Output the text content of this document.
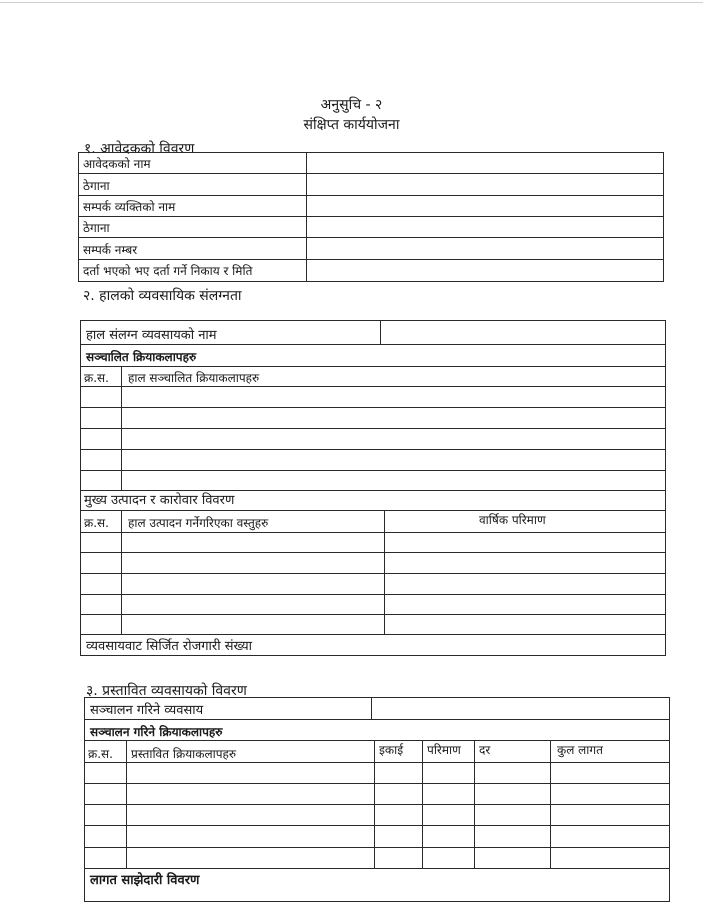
अनुसुचि - २
संक्षिप्त कार्ययोजना
१. आवेदकको विवरण
आवेदकको नाम
ठेगाना
सम्पर्क व्यक्तिको नाम
ठेगाना
सम्पर्क नम्बर
दर्ता भएको भए दर्ता गर्ने निकाय र मिति
२. हालको व्यवसायिक संलग्नता
हाल संलग्न व्यवसायको नाम
सञ्चालित क्रियाकलापहरु
क्र.स. हाल सञ्चालित क्रियाकलापहरु
मुख्य उत्पादन र कारोवार विवरण
क्र.स. हाल उत्पादन गर्नेगरिएका वस्तुहरु	वार्षिक परिमाण
व्यवसायवाट सिर्जित रोजगारी संख्या
३. प्रस्तावित व्यवसायको विवरण
सञ्चालन गरिने व्यवसाय
सञ्चालन गरिने क्रियाकलापहरु
क्र.स. प्रस्तावित क्रियाकलापहरु	इकाई परिमाण दर	कुल लागत
लागत साझेदारी विवरण
